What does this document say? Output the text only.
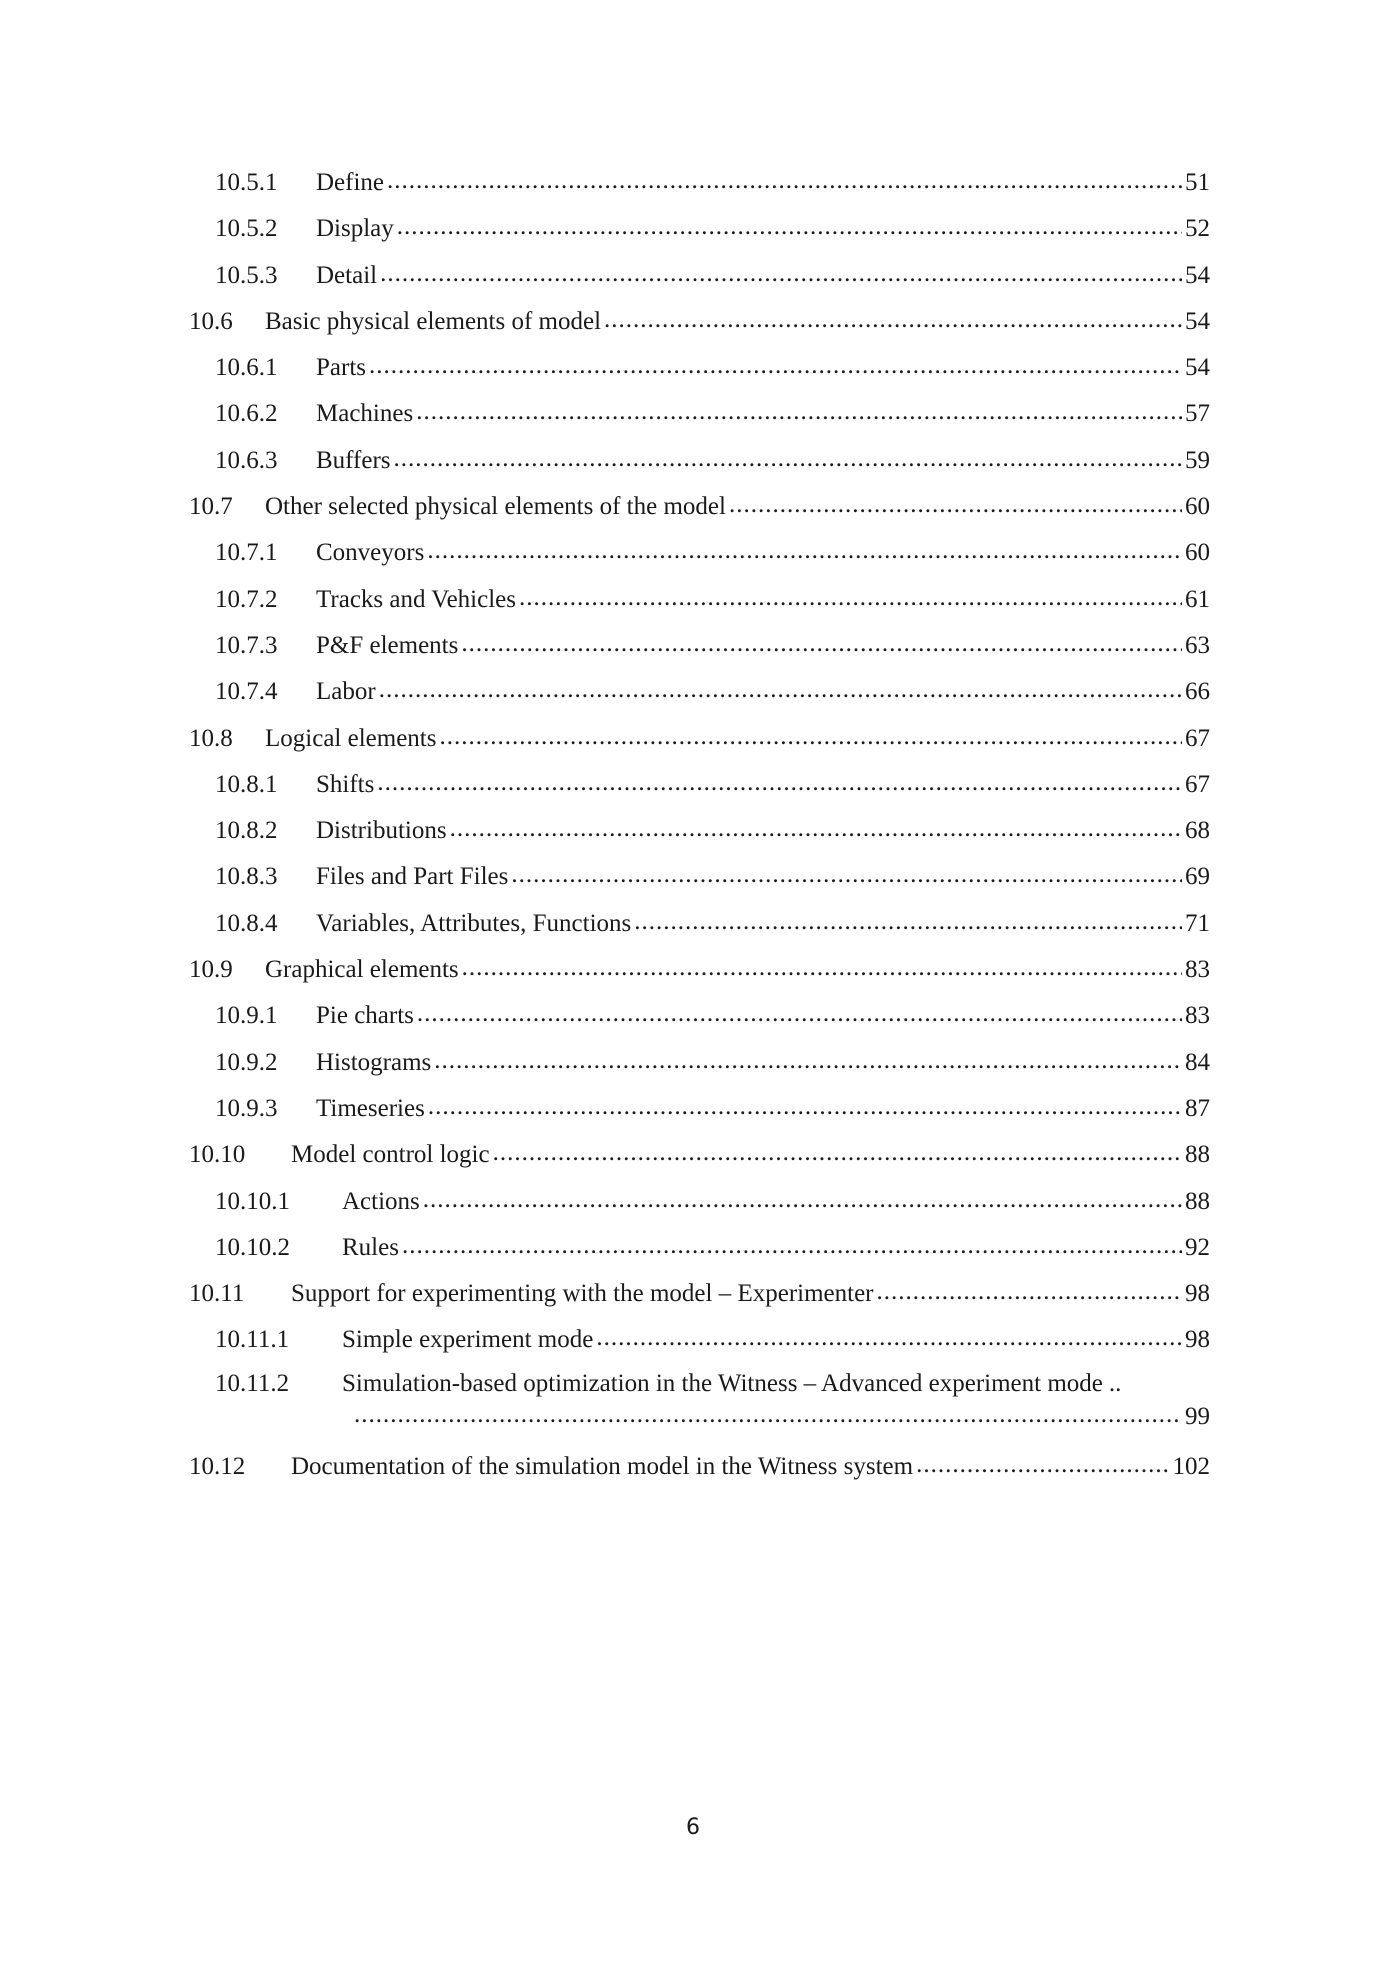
10.5.1	Define .....	51
10.5.2	Display .....	52
10.5.3	Detail .....	54
10.6	Basic physical elements of model .....	54
10.6.1	Parts .....	54
10.6.2	Machines .....	57
10.6.3	Buffers .....	59
10.7	Other selected physical elements of the model .....	60
10.7.1	Conveyors .....	60
10.7.2	Tracks and Vehicles .....	61
10.7.3	P&F elements .....	63
10.7.4	Labor .....	66
10.8	Logical elements .....	67
10.8.1	Shifts .....	67
10.8.2	Distributions .....	68
10.8.3	Files and Part Files .....	69
10.8.4	Variables, Attributes, Functions .....	71
10.9	Graphical elements .....	83
10.9.1	Pie charts .....	83
10.9.2	Histograms .....	84
10.9.3	Timeseries .....	87
10.10	Model control logic .....	88
10.10.1	Actions .....	88
10.10.2	Rules .....	92
10.11	Support for experimenting with the model – Experimenter .....	98
10.11.1	Simple experiment mode .....	98
10.11.2	Simulation-based optimization in the Witness – Advanced experiment mode ..
.....
99
10.12	Documentation of the simulation model in the Witness system .....	102
6
